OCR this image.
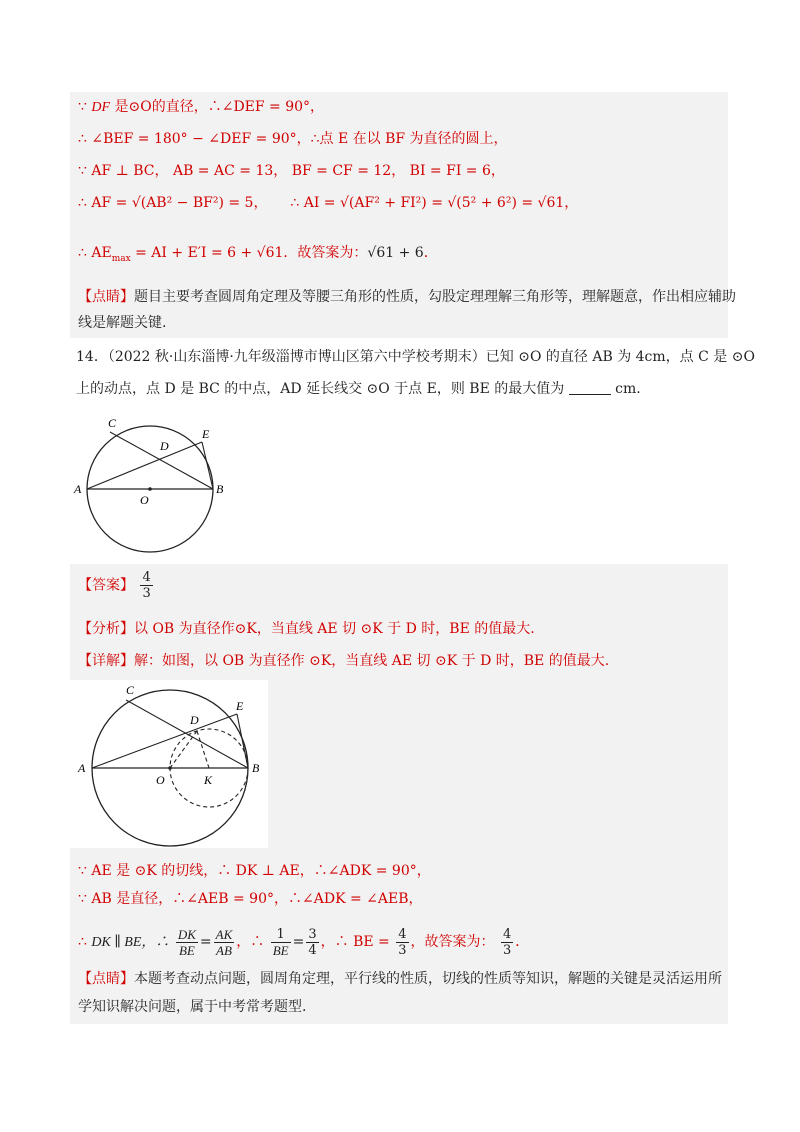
∵ DF 是⊙O的直径，∴∠DEF = 90°，
∴ ∠BEF = 180° − ∠DEF = 90°，∴点 E 在以 BF 为直径的圆上，
∵ AF ⊥ BC， AB = AC = 13， BF = CF = 12， BI = FI = 6，
∴ AF = √(AB² − BF²) = 5， ∴ AI = √(AF² + FI²) = √(5² + 6²) = √61，
∴ $AE_{max}$ = AI + E′I = 6 + √61．故答案为：√61 + 6．
【点睛】题目主要考查圆周角定理及等腰三角形的性质，勾股定理理解三角形等，理解题意，作出相应辅助
线是解题关键.
14．（2022 秋·山东淄博·九年级淄博市博山区第六中学校考期末）已知 ⊙O 的直径 AB 为 4cm，点 C 是 ⊙O
上的动点，点 D 是 BC 的中点，AD 延长线交 ⊙O 于点 E，则 BE 的最大值为	cm.
C
D
E
A
O
B
【答案】 $\frac{4}{3}$
【分析】以 OB 为直径作⊙K，当直线 AE 切 ⊙K 于 D 时，BE 的值最大.
【详解】解：如图，以 OB 为直径作 ⊙K，当直线 AE 切 ⊙K 于 D 时，BE 的值最大.
C
D
E
A
O	K
B
∵ AE 是 ⊙K 的切线，∴ DK ⊥ AE，∴∠ADK = 90°，
∵ AB 是直径，∴∠AEB = 90°，∴∠ADK = ∠AEB，
∴ DK ∥ BE，∴ $\frac{DK}{BE} = \frac{AK}{AB}$ ，∴ $\frac{1}{BE} = \frac{3}{4}$ ，∴ BE = $\frac{4}{3}$ ，故答案为： $\frac{4}{3}$ ．
【点睛】本题考查动点问题，圆周角定理，平行线的性质，切线的性质等知识，解题的关键是灵活运用所
学知识解决问题，属于中考常考题型.
